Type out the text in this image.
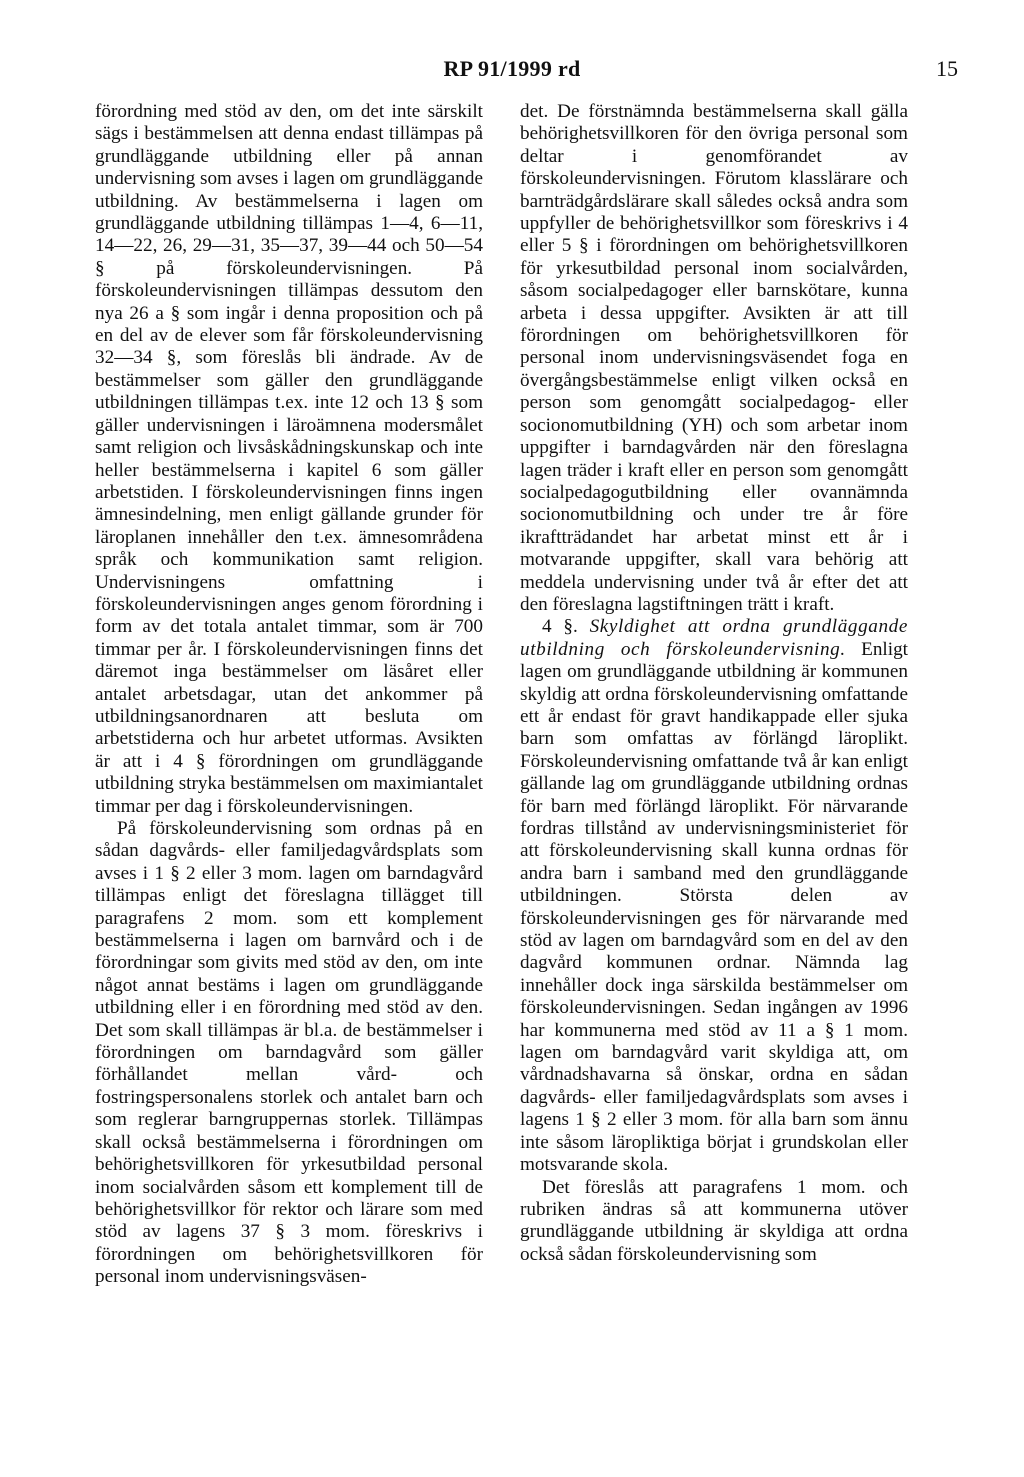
RP 91/1999 rd	15

förordning med stöd av den, om det inte särskilt sägs i bestämmelsen att denna endast tillämpas på grundläggande utbildning eller på annan undervisning som avses i lagen om grundläggande utbildning. Av bestämmelserna i lagen om grundläggande utbildning tillämpas 1—4, 6—11, 14—22, 26, 29—31, 35—37, 39—44 och 50—54 § på förskoleundervisningen. På förskoleundervisningen tillämpas dessutom den nya 26 a § som ingår i denna proposition och på en del av de elever som får förskoleundervisning 32—34 §, som föreslås bli ändrade. Av de bestämmelser som gäller den grundläggande utbildningen tillämpas t.ex. inte 12 och 13 § som gäller undervisningen i läroämnena modersmålet samt religion och livsåskådningskunskap och inte heller bestämmelserna i kapitel 6 som gäller arbetstiden. I förskoleundervisningen finns ingen ämnesindelning, men enligt gällande grunder för läroplanen innehåller den t.ex. ämnesområdena språk och kommunikation samt religion. Undervisningens omfattning i förskoleundervisningen anges genom förordning i form av det totala antalet timmar, som är 700 timmar per år. I förskoleundervisningen finns det däremot inga bestämmelser om läsåret eller antalet arbetsdagar, utan det ankommer på utbildningsanordnaren att besluta om arbetstiderna och hur arbetet utformas. Avsikten är att i 4 § förordningen om grundläggande utbildning stryka bestämmelsen om maximiantalet timmar per dag i förskoleundervisningen.

På förskoleundervisning som ordnas på en sådan dagvårds- eller familjedagvårdsplats som avses i 1 § 2 eller 3 mom. lagen om barndagvård tillämpas enligt det föreslagna tillägget till paragrafens 2 mom. som ett komplement bestämmelserna i lagen om barnvård och i de förordningar som givits med stöd av den, om inte något annat bestäms i lagen om grundläggande utbildning eller i en förordning med stöd av den. Det som skall tillämpas är bl.a. de bestämmelser i förordningen om barndagvård som gäller förhållandet mellan vård- och fostringspersonalens storlek och antalet barn och som reglerar barngruppernas storlek. Tillämpas skall också bestämmelserna i förordningen om behörighetsvillkoren för yrkesutbildad personal inom socialvården såsom ett komplement till de behörighetsvillkor för rektor och lärare som med stöd av lagens 37 § 3 mom. föreskrivs i förordningen om behörighetsvillkoren för personal inom undervisningsväsen-

det. De förstnämnda bestämmelserna skall gälla behörighetsvillkoren för den övriga personal som deltar i genomförandet av förskoleundervisningen. Förutom klasslärare och barnträdgårdslärare skall således också andra som uppfyller de behörighetsvillkor som föreskrivs i 4 eller 5 § i förordningen om behörighetsvillkoren för yrkesutbildad personal inom socialvården, såsom socialpedagoger eller barnskötare, kunna arbeta i dessa uppgifter. Avsikten är att till förordningen om behörighetsvillkoren för personal inom undervisningsväsendet foga en övergångsbestämmelse enligt vilken också en person som genomgått socialpedagog- eller socionomutbildning (YH) och som arbetar inom uppgifter i barndagvården när den föreslagna lagen träder i kraft eller en person som genomgått socialpedagogutbildning eller ovannämnda socionomutbildning och under tre år före ikraftträdandet har arbetat minst ett år i motvarande uppgifter, skall vara behörig att meddela undervisning under två år efter det att den föreslagna lagstiftningen trätt i kraft.

4 §. Skyldighet att ordna grundläggande utbildning och förskoleundervisning. Enligt lagen om grundläggande utbildning är kommunen skyldig att ordna förskoleundervisning omfattande ett år endast för gravt handikappade eller sjuka barn som omfattas av förlängd läroplikt. Förskoleundervisning omfattande två år kan enligt gällande lag om grundläggande utbildning ordnas för barn med förlängd läroplikt. För närvarande fordras tillstånd av undervisningsministeriet för att förskoleundervisning skall kunna ordnas för andra barn i samband med den grundläggande utbildningen. Största delen av förskoleundervisningen ges för närvarande med stöd av lagen om barndagvård som en del av den dagvård kommunen ordnar. Nämnda lag innehåller dock inga särskilda bestämmelser om förskoleundervisningen. Sedan ingången av 1996 har kommunerna med stöd av 11 a § 1 mom. lagen om barndagvård varit skyldiga att, om vårdnadshavarna så önskar, ordna en sådan dagvårds- eller familjedagvårdsplats som avses i lagens 1 § 2 eller 3 mom. för alla barn som ännu inte såsom läropliktiga börjat i grundskolan eller motsvarande skola.

Det föreslås att paragrafens 1 mom. och rubriken ändras så att kommunerna utöver grundläggande utbildning är skyldiga att ordna också sådan förskoleundervisning som
